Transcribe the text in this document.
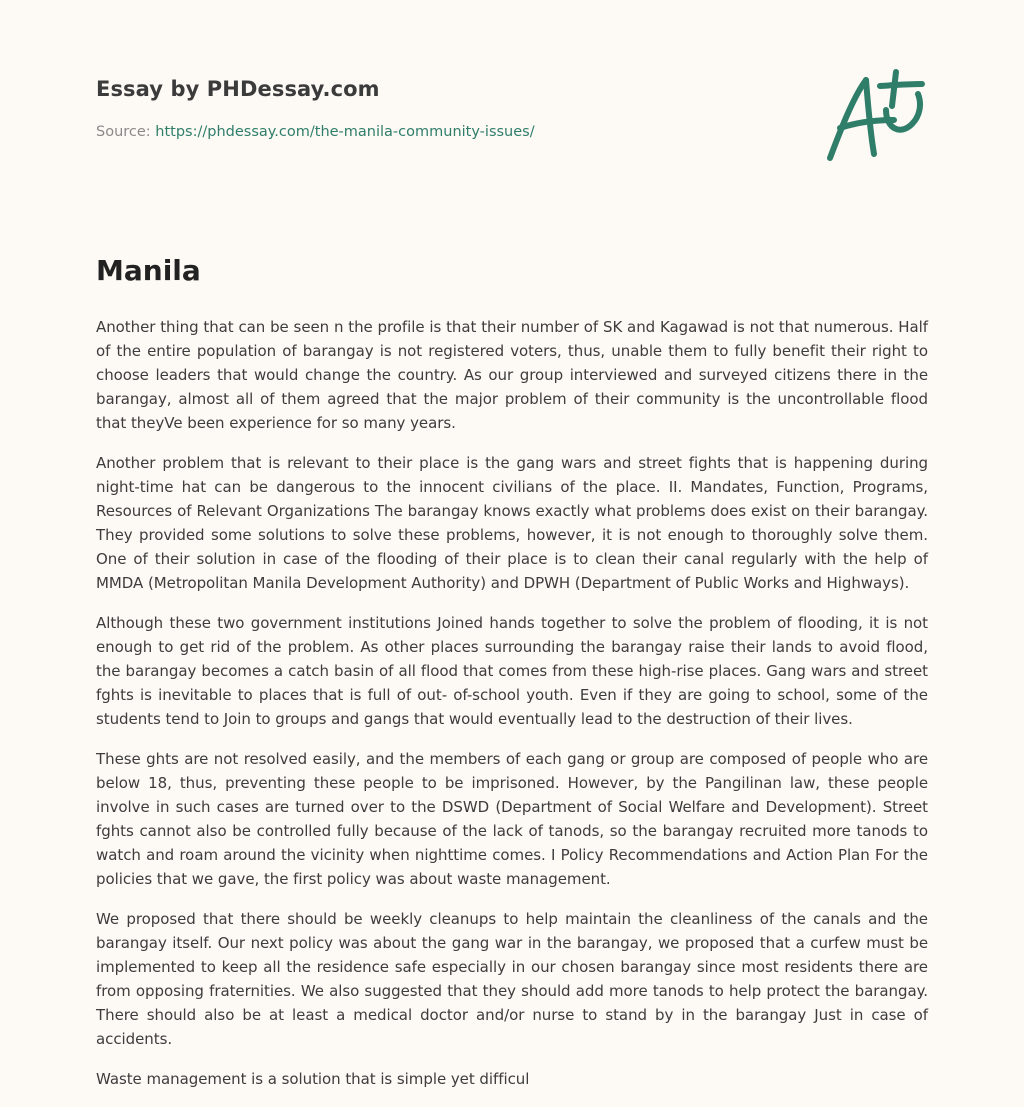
Essay by PHDessay.com

Source: https://phdessay.com/the-manila-community-issues/

Manila

Another thing that can be seen n the profile is that their number of SK and Kagawad is not that numerous. Half of the entire population of barangay is not registered voters, thus, unable them to fully benefit their right to choose leaders that would change the country. As our group interviewed and surveyed citizens there in the barangay, almost all of them agreed that the major problem of their community is the uncontrollable flood that theyVe been experience for so many years.

Another problem that is relevant to their place is the gang wars and street fights that is happening during night-time hat can be dangerous to the innocent civilians of the place. II. Mandates, Function, Programs, Resources of Relevant Organizations The barangay knows exactly what problems does exist on their barangay. They provided some solutions to solve these problems, however, it is not enough to thoroughly solve them. One of their solution in case of the flooding of their place is to clean their canal regularly with the help of MMDA (Metropolitan Manila Development Authority) and DPWH (Department of Public Works and Highways).

Although these two government institutions Joined hands together to solve the problem of flooding, it is not enough to get rid of the problem. As other places surrounding the barangay raise their lands to avoid flood, the barangay becomes a catch basin of all flood that comes from these high-rise places. Gang wars and street fghts is inevitable to places that is full of out- of-school youth. Even if they are going to school, some of the students tend to Join to groups and gangs that would eventually lead to the destruction of their lives.

These ghts are not resolved easily, and the members of each gang or group are composed of people who are below 18, thus, preventing these people to be imprisoned. However, by the Pangilinan law, these people involve in such cases are turned over to the DSWD (Department of Social Welfare and Development). Street fghts cannot also be controlled fully because of the lack of tanods, so the barangay recruited more tanods to watch and roam around the vicinity when nighttime comes. I Policy Recommendations and Action Plan For the policies that we gave, the first policy was about waste management.

We proposed that there should be weekly cleanups to help maintain the cleanliness of the canals and the barangay itself. Our next policy was about the gang war in the barangay, we proposed that a curfew must be implemented to keep all the residence safe especially in our chosen barangay since most residents there are from opposing fraternities. We also suggested that they should add more tanods to help protect the barangay. There should also be at least a medical doctor and/or nurse to stand by in the barangay Just in case of accidents.

Waste management is a solution that is simple yet difficul
